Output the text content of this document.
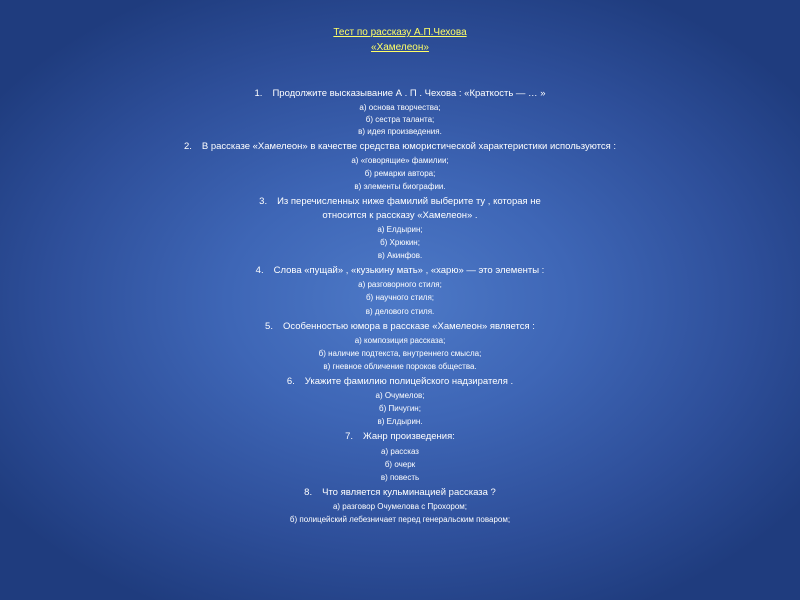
Тест по рассказу А.П.Чехова
«Хамелеон»
1. Продолжите высказывание А . П . Чехова : «Краткость — … »
а) основа творчества;
б) сестра таланта;
в) идея произведения.
2. В рассказе «Хамелеон» в качестве средства юмористической характеристики используются :
а) «говорящие» фамилии;
б) ремарки автора;
в) элементы биографии.
3. Из перечисленных ниже фамилий выберите ту , которая не
относится к рассказу «Хамелеон» .
а) Елдырин;
б) Хрюкин;
в) Акинфов.
4. Слова «пущай» , «кузькину мать» , «харю» — это элементы :
а) разговорного стиля;
б) научного стиля;
в) делового стиля.
5. Особенностью юмора в рассказе «Хамелеон» является :
а) композиция рассказа;
б) наличие подтекста, внутреннего смысла;
в) гневное обличение пороков общества.
6. Укажите фамилию полицейского надзирателя .
а) Очумелов;
б) Пичугин;
в) Елдырин.
7. Жанр произведения:
а) рассказ
б) очерк
в) повесть
8. Что является кульминацией рассказа ?
а) разговор Очумелова с Прохором;
б) полицейский лебезничает перед генеральским поваром;
